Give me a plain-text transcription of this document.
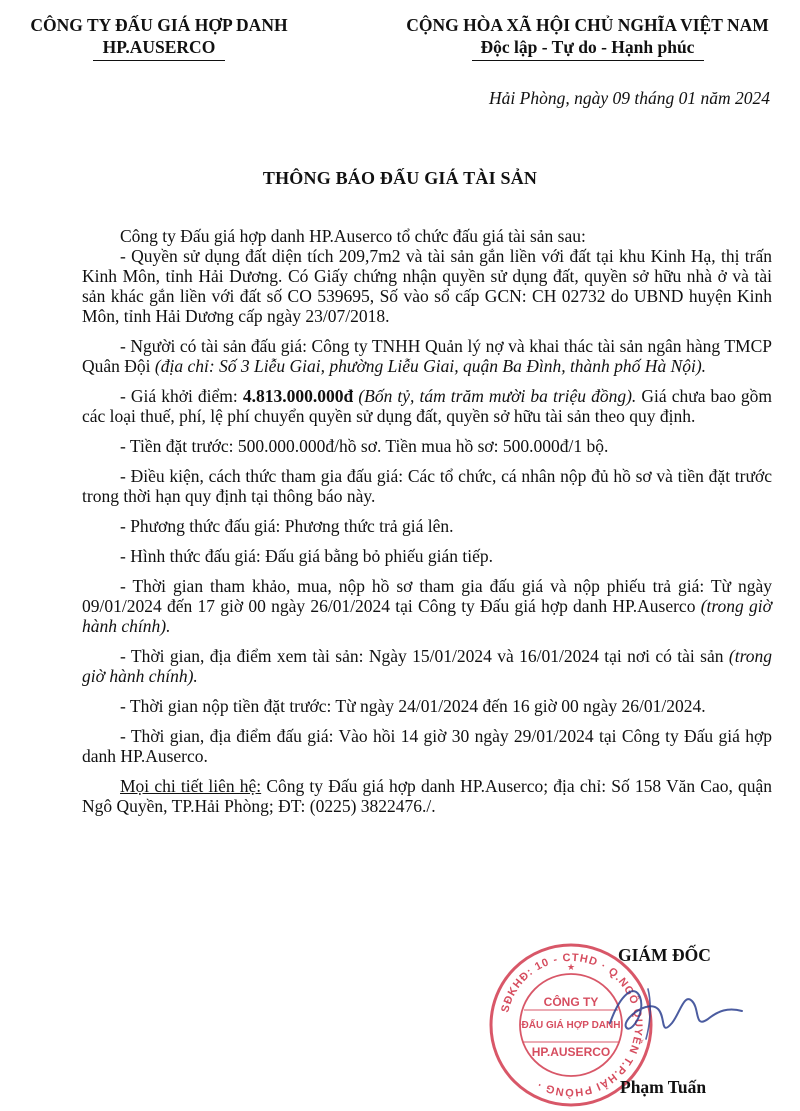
CÔNG TY ĐẤU GIÁ HỢP DANH
HP.AUSERCO
CỘNG HÒA XÃ HỘI CHỦ NGHĨA VIỆT NAM
Độc lập - Tự do - Hạnh phúc
Hải Phòng, ngày 09 tháng 01 năm 2024
THÔNG BÁO ĐẤU GIÁ TÀI SẢN

Công ty Đấu giá hợp danh HP.Auserco tổ chức đấu giá tài sản sau:

- Quyền sử dụng đất diện tích 209,7m2 và tài sản gắn liền với đất tại khu Kinh Hạ, thị trấn Kinh Môn, tỉnh Hải Dương. Có Giấy chứng nhận quyền sử dụng đất, quyền sở hữu nhà ở và tài sản khác gắn liền với đất số CO 539695, Số vào sổ cấp GCN: CH 02732 do UBND huyện Kinh Môn, tỉnh Hải Dương cấp ngày 23/07/2018.

- Người có tài sản đấu giá: Công ty TNHH Quản lý nợ và khai thác tài sản ngân hàng TMCP Quân Đội (địa chỉ: Số 3 Liễu Giai, phường Liễu Giai, quận Ba Đình, thành phố Hà Nội).

- Giá khởi điểm: 4.813.000.000đ (Bốn tỷ, tám trăm mười ba triệu đồng). Giá chưa bao gồm các loại thuế, phí, lệ phí chuyển quyền sử dụng đất, quyền sở hữu tài sản theo quy định.

- Tiền đặt trước: 500.000.000đ/hồ sơ. Tiền mua hồ sơ: 500.000đ/1 bộ.

- Điều kiện, cách thức tham gia đấu giá: Các tổ chức, cá nhân nộp đủ hồ sơ và tiền đặt trước trong thời hạn quy định tại thông báo này.

- Phương thức đấu giá: Phương thức trả giá lên.

- Hình thức đấu giá: Đấu giá bằng bỏ phiếu gián tiếp.

- Thời gian tham khảo, mua, nộp hồ sơ tham gia đấu giá và nộp phiếu trả giá: Từ ngày 09/01/2024 đến 17 giờ 00 ngày 26/01/2024 tại Công ty Đấu giá hợp danh HP.Auserco (trong giờ hành chính).

- Thời gian, địa điểm xem tài sản: Ngày 15/01/2024 và 16/01/2024 tại nơi có tài sản (trong giờ hành chính).

- Thời gian nộp tiền đặt trước: Từ ngày 24/01/2024 đến 16 giờ 00 ngày 26/01/2024.

- Thời gian, địa điểm đấu giá: Vào hồi 14 giờ 30 ngày 29/01/2024 tại Công ty Đấu giá hợp danh HP.Auserco.

Mọi chi tiết liên hệ: Công ty Đấu giá hợp danh HP.Auserco; địa chỉ: Số 158 Văn Cao, quận Ngô Quyền, TP.Hải Phòng; ĐT: (0225) 3822476./.

SĐKHĐ: 10 - CTHD · Q.NGÔ QUYỀN T.P.HẢI PHÒNG ·
CÔNG TY
ĐẤU GIÁ HỢP DANH
HP.AUSERCO
★
GIÁM ĐỐC
Phạm Tuấn
